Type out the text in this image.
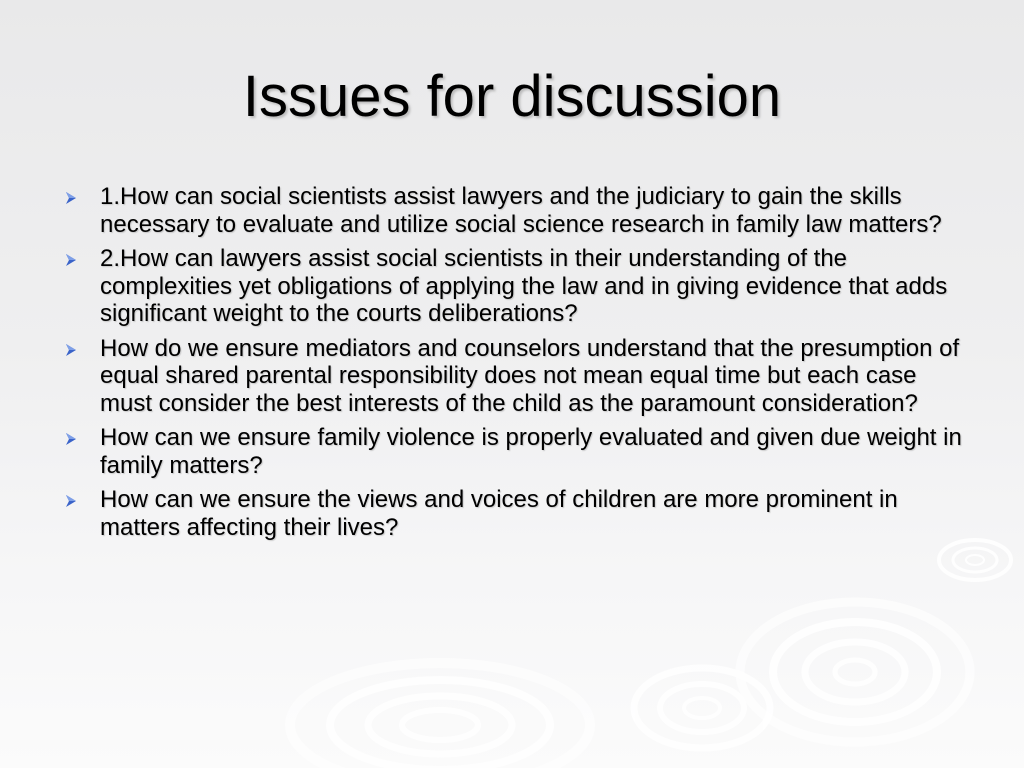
Issues for discussion
1.How can social scientists assist lawyers and the judiciary to gain the skills necessary to evaluate and utilize social science research in family law matters?
2.How can lawyers assist social scientists in their understanding of the complexities yet obligations of applying the law and in giving evidence that adds significant weight to the courts deliberations?
How do we ensure mediators and counselors understand that the presumption of equal shared parental responsibility does not mean equal time but each case must consider the best interests of the child as the paramount consideration?
How can we ensure family violence is properly evaluated and given due weight in family matters?
How can we ensure the views and voices of children are more prominent in matters affecting their lives?
